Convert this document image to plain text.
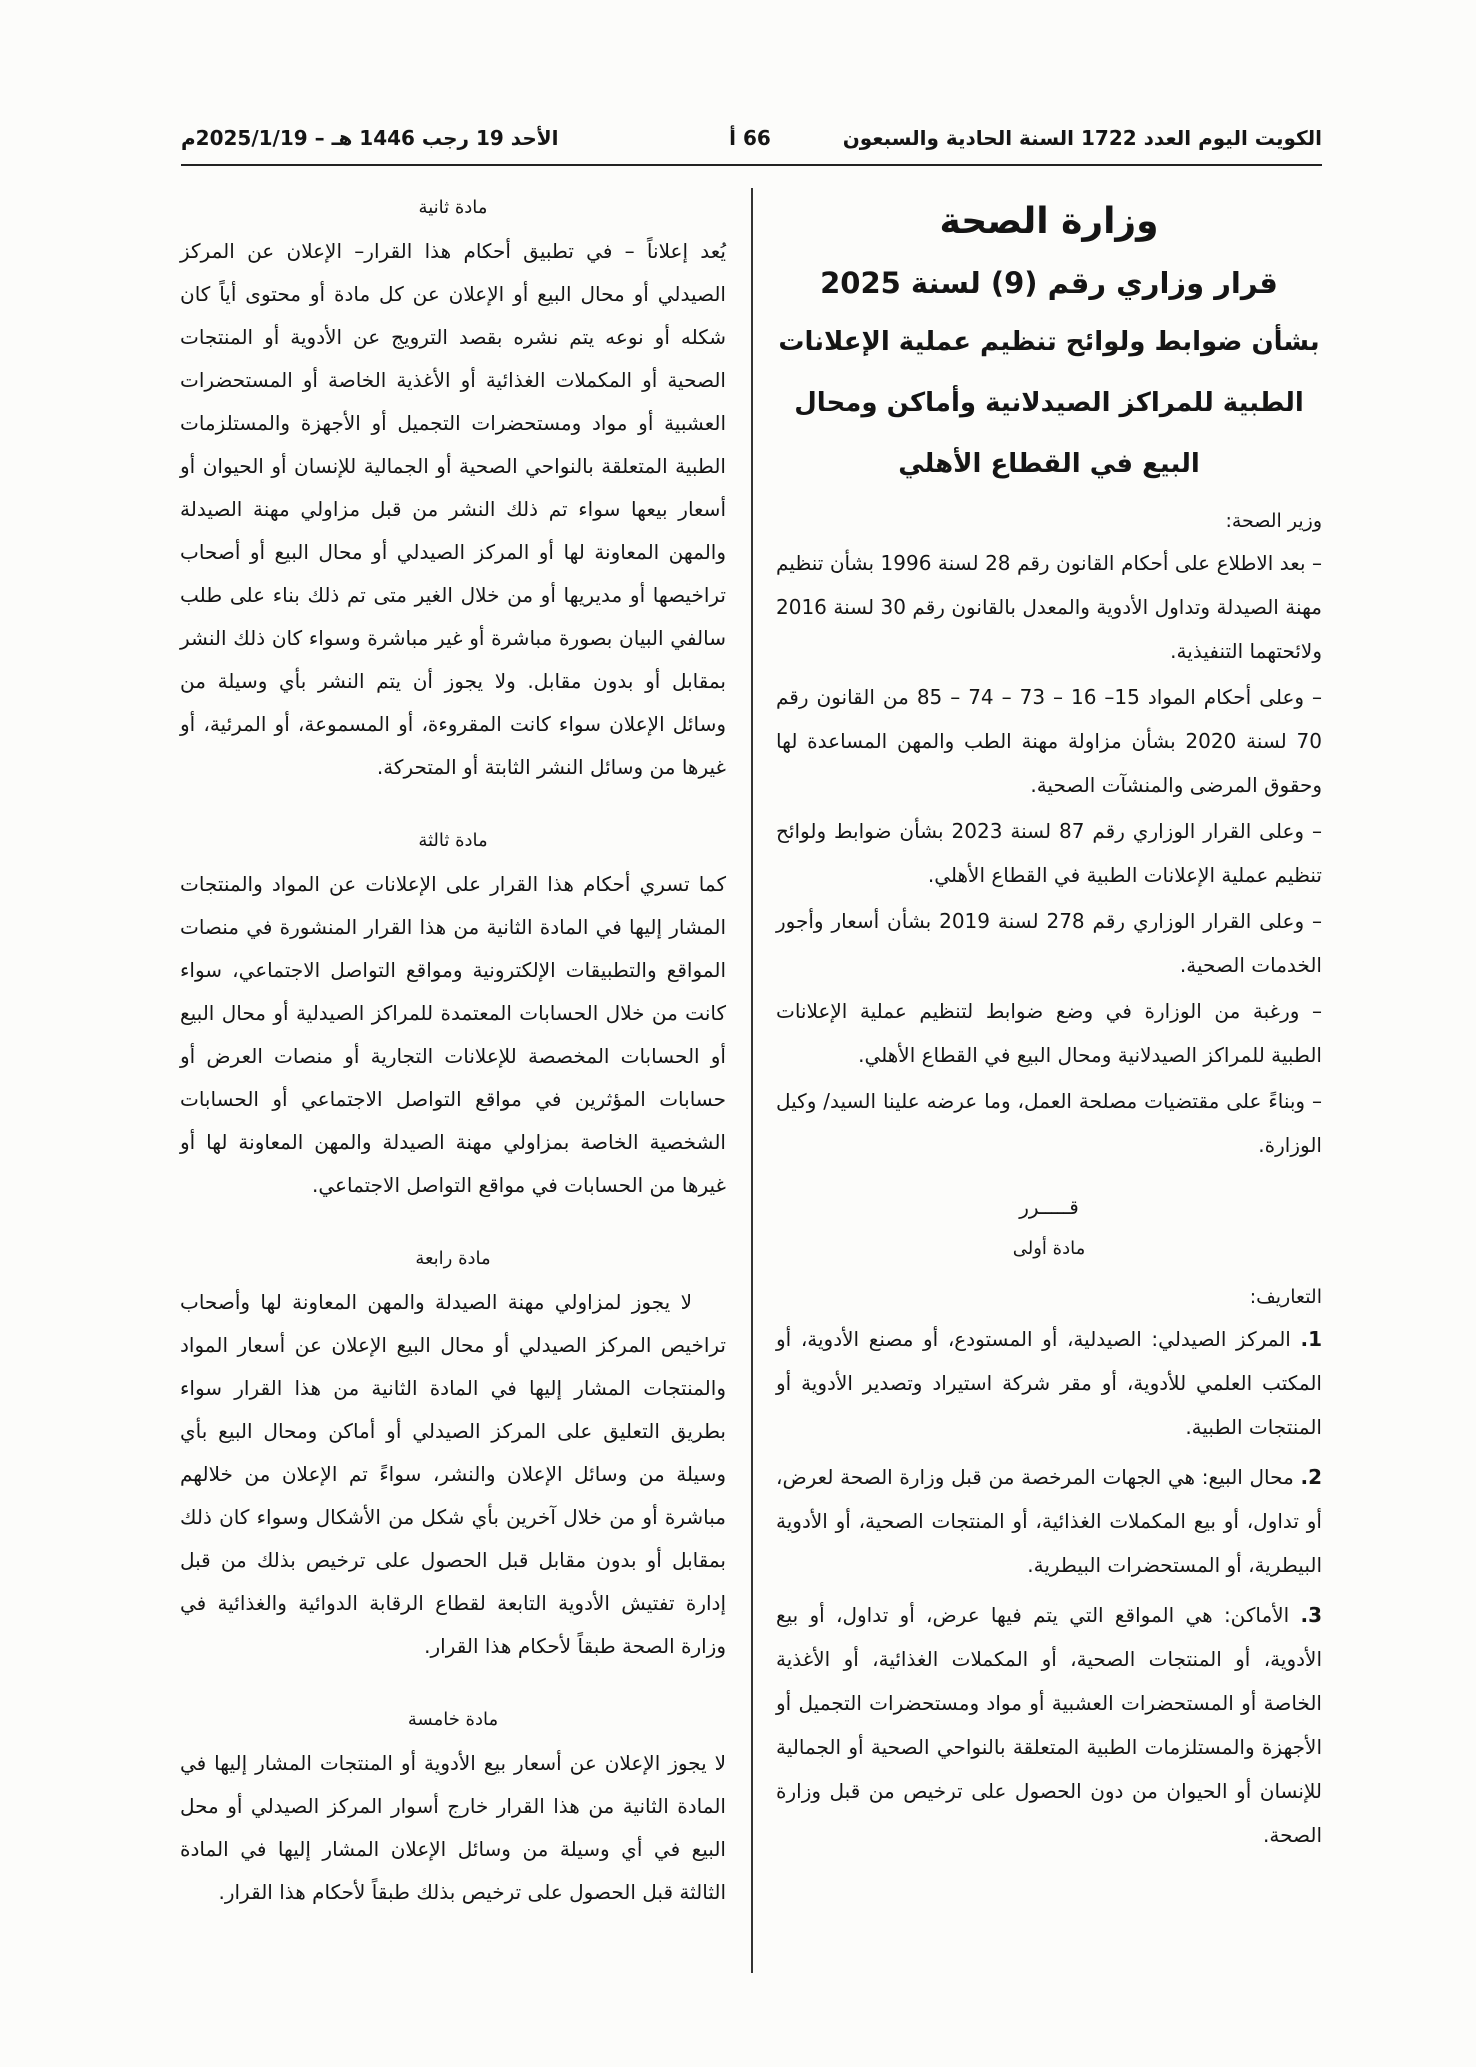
الكويت اليوم العدد 1722 السنة الحادية والسبعون
66 أ
الأحد 19 رجب 1446 هـ – 2025/1/19م
وزارة الصحة
قرار وزاري رقم (9) لسنة 2025
بشأن ضوابط ولوائح تنظيم عملية الإعلانات الطبية للمراكز الصيدلانية وأماكن ومحال البيع في القطاع الأهلي

وزير الصحة:

– بعد الاطلاع على أحكام القانون رقم 28 لسنة 1996 بشأن تنظيم مهنة الصيدلة وتداول الأدوية والمعدل بالقانون رقم 30 لسنة 2016 ولائحتهما التنفيذية.

– وعلى أحكام المواد 15– 16 – 73 – 74 – 85 من القانون رقم 70 لسنة 2020 بشأن مزاولة مهنة الطب والمهن المساعدة لها وحقوق المرضى والمنشآت الصحية.

– وعلى القرار الوزاري رقم 87 لسنة 2023 بشأن ضوابط ولوائح تنظيم عملية الإعلانات الطبية في القطاع الأهلي.

– وعلى القرار الوزاري رقم 278 لسنة 2019 بشأن أسعار وأجور الخدمات الصحية.

– ورغبة من الوزارة في وضع ضوابط لتنظيم عملية الإعلانات الطبية للمراكز الصيدلانية ومحال البيع في القطاع الأهلي.

– وبناءً على مقتضيات مصلحة العمل، وما عرضه علينا السيد/ وكيل الوزارة.

قـــــرر

مادة أولى

التعاريف:

1. المركز الصيدلي: الصيدلية، أو المستودع، أو مصنع الأدوية، أو المكتب العلمي للأدوية، أو مقر شركة استيراد وتصدير الأدوية أو المنتجات الطبية.

2. محال البيع: هي الجهات المرخصة من قبل وزارة الصحة لعرض، أو تداول، أو بيع المكملات الغذائية، أو المنتجات الصحية، أو الأدوية البيطرية، أو المستحضرات البيطرية.

3. الأماكن: هي المواقع التي يتم فيها عرض، أو تداول، أو بيع الأدوية، أو المنتجات الصحية، أو المكملات الغذائية، أو الأغذية الخاصة أو المستحضرات العشبية أو مواد ومستحضرات التجميل أو الأجهزة والمستلزمات الطبية المتعلقة بالنواحي الصحية أو الجمالية للإنسان أو الحيوان من دون الحصول على ترخيص من قبل وزارة الصحة.

مادة ثانية

يُعد إعلاناً – في تطبيق أحكام هذا القرار– الإعلان عن المركز الصيدلي أو محال البيع أو الإعلان عن كل مادة أو محتوى أياً كان شكله أو نوعه يتم نشره بقصد الترويج عن الأدوية أو المنتجات الصحية أو المكملات الغذائية أو الأغذية الخاصة أو المستحضرات العشبية أو مواد ومستحضرات التجميل أو الأجهزة والمستلزمات الطبية المتعلقة بالنواحي الصحية أو الجمالية للإنسان أو الحيوان أو أسعار بيعها سواء تم ذلك النشر من قبل مزاولي مهنة الصيدلة والمهن المعاونة لها أو المركز الصيدلي أو محال البيع أو أصحاب تراخيصها أو مديريها أو من خلال الغير متى تم ذلك بناء على طلب سالفي البيان بصورة مباشرة أو غير مباشرة وسواء كان ذلك النشر بمقابل أو بدون مقابل. ولا يجوز أن يتم النشر بأي وسيلة من وسائل الإعلان سواء كانت المقروءة، أو المسموعة، أو المرئية، أو غيرها من وسائل النشر الثابتة أو المتحركة.

مادة ثالثة

كما تسري أحكام هذا القرار على الإعلانات عن المواد والمنتجات المشار إليها في المادة الثانية من هذا القرار المنشورة في منصات المواقع والتطبيقات الإلكترونية ومواقع التواصل الاجتماعي، سواء كانت من خلال الحسابات المعتمدة للمراكز الصيدلية أو محال البيع أو الحسابات المخصصة للإعلانات التجارية أو منصات العرض أو حسابات المؤثرين في مواقع التواصل الاجتماعي أو الحسابات الشخصية الخاصة بمزاولي مهنة الصيدلة والمهن المعاونة لها أو غيرها من الحسابات في مواقع التواصل الاجتماعي.

مادة رابعة

لا يجوز لمزاولي مهنة الصيدلة والمهن المعاونة لها وأصحاب تراخيص المركز الصيدلي أو محال البيع الإعلان عن أسعار المواد والمنتجات المشار إليها في المادة الثانية من هذا القرار سواء بطريق التعليق على المركز الصيدلي أو أماكن ومحال البيع بأي وسيلة من وسائل الإعلان والنشر، سواءً تم الإعلان من خلالهم مباشرة أو من خلال آخرين بأي شكل من الأشكال وسواء كان ذلك بمقابل أو بدون مقابل قبل الحصول على ترخيص بذلك من قبل إدارة تفتيش الأدوية التابعة لقطاع الرقابة الدوائية والغذائية في وزارة الصحة طبقاً لأحكام هذا القرار.

مادة خامسة

لا يجوز الإعلان عن أسعار بيع الأدوية أو المنتجات المشار إليها في المادة الثانية من هذا القرار خارج أسوار المركز الصيدلي أو محل البيع في أي وسيلة من وسائل الإعلان المشار إليها في المادة الثالثة قبل الحصول على ترخيص بذلك طبقاً لأحكام هذا القرار.
